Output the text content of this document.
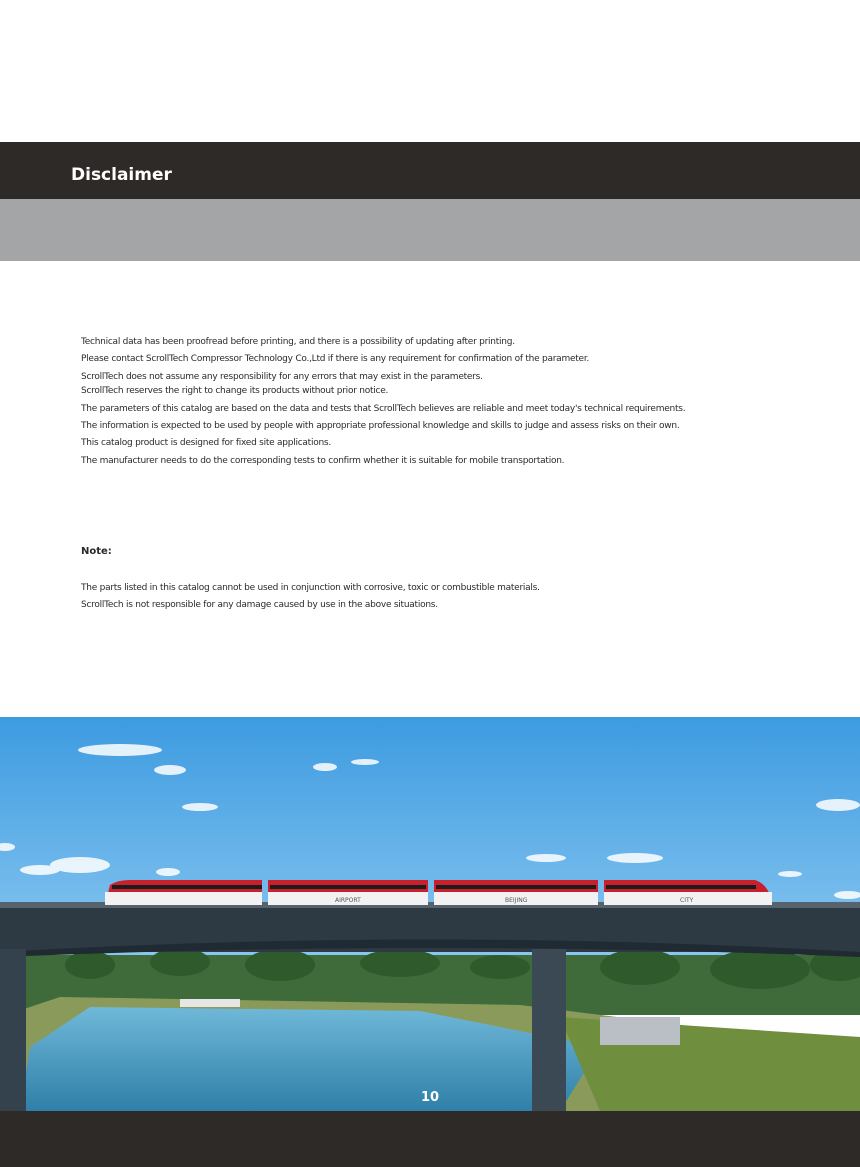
Disclaimer
Technical data has been proofread before printing, and there is a possibility of updating after printing.
Please contact ScrollTech Compressor Technology Co.,Ltd if there is any requirement for confirmation of the parameter.
ScrollTech does not assume any responsibility for any errors that may exist in the parameters.
ScrollTech reserves the right to change its products without prior notice.
The parameters of this catalog are based on the data and tests that ScrollTech believes are reliable and meet today's technical requirements.
The information is expected to be used by people with appropriate professional knowledge and skills to judge and assess risks on their own.
This catalog product is designed for fixed site applications.
The manufacturer needs to do the corresponding tests to confirm whether it is suitable for mobile transportation.
Note:
The parts listed in this catalog cannot be used in conjunction with corrosive, toxic or combustible materials.
ScrollTech is not responsible for any damage caused by use in the above situations.
AIRPORT	BEIJING	CITY
10
